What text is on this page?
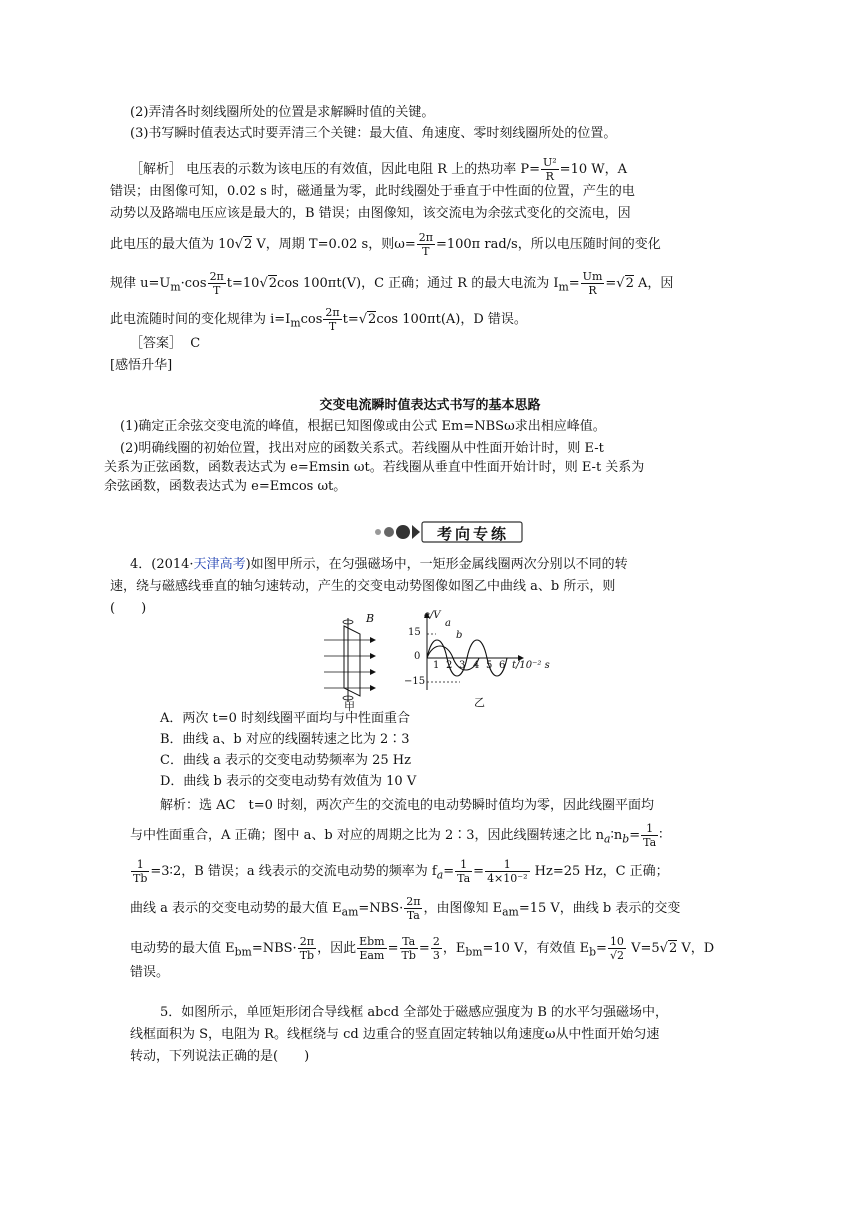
(2)弄清各时刻线圈所处的位置是求解瞬时值的关键。
(3)书写瞬时值表达式时要弄清三个关键：最大值、角速度、零时刻线圈所处的位置。
［解析］ 电压表的示数为该电压的有效值，因此电阻 R 上的热功率 $P= \frac{\text{U²}}{R} =10$ W，A
错误；由图像可知，0.02 s 时，磁通量为零，此时线圈处于垂直于中性面的位置，产生的电
动势以及路端电压应该是最大的，B 错误；由图像知，该交流电为余弦式变化的交流电，因
此电压的最大值为 10√2 V，周期 T=0.02 s，则$\omega= \frac{2\pi}{T} =100\pi$ rad/s，所以电压随时间的变化
规律 $u=U_m\cdot\cos \frac{2\pi}{T} t=10√2\cos$ 100πt(V)，C 正确；通过 R 的最大电流为 $I_m= \frac{Um}{R} =√2$ A，因
此电流随时间的变化规律为 $i=I_m\cos \frac{2\pi}{T} t=√2\cos$ 100πt(A)，D 错误。
［答案］ C
[感悟升华]
交变电流瞬时值表达式书写的基本思路
(1)确定正余弦交变电流的峰值，根据已知图像或由公式 Em=NBSω求出相应峰值。
(2)明确线圈的初始位置，找出对应的函数关系式。若线圈从中性面开始计时，则 E-t
关系为正弦函数，函数表达式为 e=Emsin ωt。若线圈从垂直中性面开始计时，则 E-t 关系为
余弦函数，函数表达式为 e=Emcos ωt。
考向专练
4．(2014·天津高考)如图甲所示，在匀强磁场中，一矩形金属线圈两次分别以不同的转
速，绕与磁感线垂直的轴匀速转动，产生的交变电动势图像如图乙中曲线 a、b 所示，则
(　　)
B
甲
e/V
15
0
−15
a
b
1 2 3 4 5 6 t/10⁻² s
乙
A．两次 t=0 时刻线圈平面均与中性面重合
B．曲线 a、b 对应的线圈转速之比为 2∶3
C．曲线 a 表示的交变电动势频率为 25 Hz
D．曲线 b 表示的交变电动势有效值为 10 V
解析：选 AC　t=0 时刻，两次产生的交流电的电动势瞬时值均为零，因此线圈平面均
与中性面重合，A 正确；图中 a、b 对应的周期之比为 2∶3，因此线圈转速之比 $n_a∶n_b= \frac{1}{Ta}$ ∶
$\frac{1}{Tb}$ =3∶2，B 错误；a 线表示的交流电动势的频率为 $f_a= \frac{1}{Ta} = \frac{1}{\text{4×10⁻²}} Hz=25$ Hz，C 正确；
曲线 a 表示的交变电动势的最大值 $E_{am}=NBS\cdot \frac{2\pi}{Ta}$ ，由图像知 $E_{am}=15$ V，曲线 b 表示的交变
电动势的最大值 $E_{bm}=NBS\cdot \frac{2\pi}{Tb}$ ，因此 $\frac{\text{Ebm}}{\text{Eam}} = \frac{Ta}{Tb} = \frac{2}{3}$ ，$E_{bm}=10$ V，有效值 $E_b= \frac{10}{√2} V=5√2$ V，D
错误。
5．如图所示，单匝矩形闭合导线框 abcd 全部处于磁感应强度为 B 的水平匀强磁场中，
线框面积为 S，电阻为 R。线框绕与 cd 边重合的竖直固定转轴以角速度ω从中性面开始匀速
转动，下列说法正确的是(　　)
